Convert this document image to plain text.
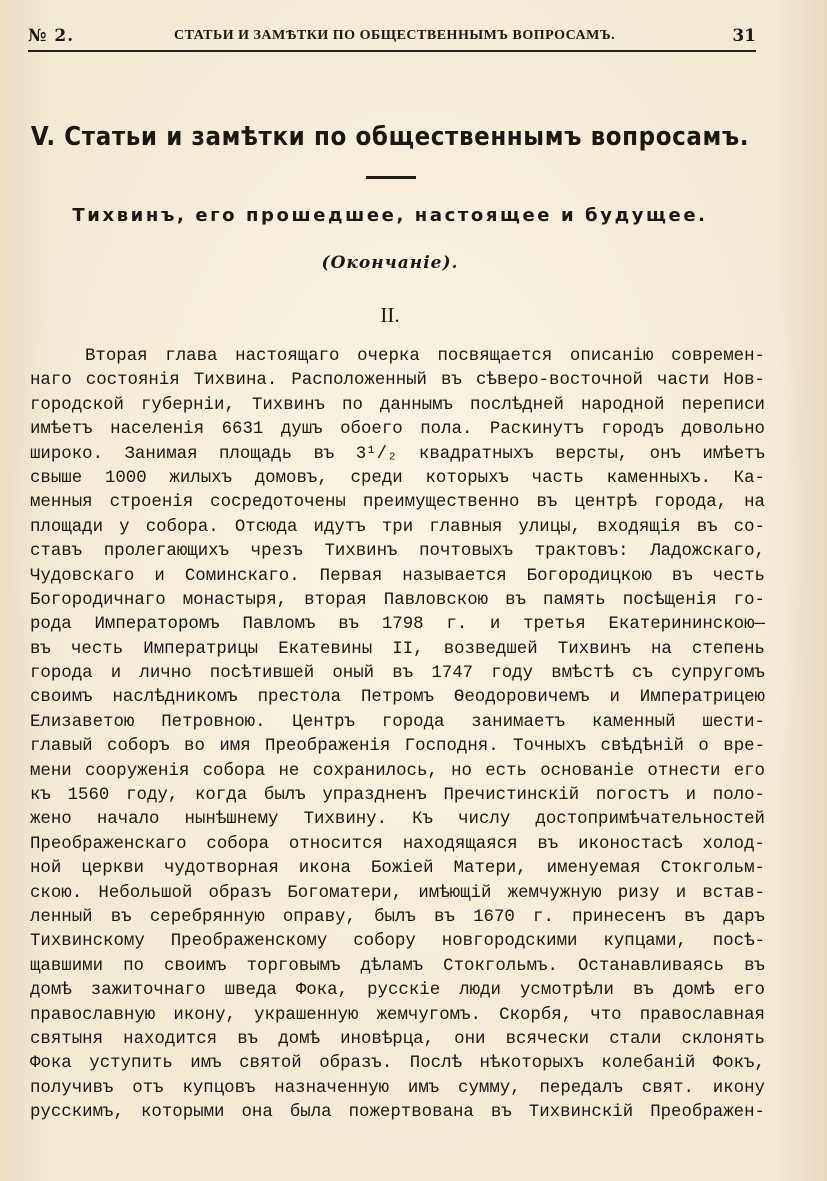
№ 2.	СТАТЬИ И ЗАМѢТКИ ПО ОБЩЕСТВЕННЫМЪ ВОПРОСАМЪ.	31
V. Статьи и замѣтки по общественнымъ вопросамъ.
Тихвинъ, его прошедшее, настоящее и будущее.
(Окончаніе).
II.
Вторая глава настоящаго очерка посвящается описанію современ-
наго состоянія Тихвина. Расположенный въ сѣверо-восточной части Нов-
городской губерніи, Тихвинъ по даннымъ послѣдней народной переписи
имѣетъ населенія 6631 душъ обоего пола. Раскинутъ городъ довольно
широко. Занимая площадь въ 3¹/₂ квадратныхъ версты, онъ имѣетъ
свыше 1000 жилыхъ домовъ, среди которыхъ часть каменныхъ. Ка-
менныя строенія сосредоточены преимущественно въ центрѣ города, на
площади у собора. Отсюда идутъ три главныя улицы, входящія въ со-
ставъ пролегающихъ чрезъ Тихвинъ почтовыхъ трактовъ: Ладожскаго,
Чудовскаго и Соминскаго. Первая называется Богородицкою въ честь
Богородичнаго монастыря, вторая Павловскою въ память посѣщенія го-
рода Императоромъ Павломъ въ 1798 г. и третья Екатерининскою—
въ честь Императрицы Екатевины II, возведшей Тихвинъ на степень
города и лично посѣтившей оный въ 1747 году вмѣстѣ съ супругомъ
своимъ наслѣдникомъ престола Петромъ Ѳеодоровичемъ и Императрицею
Елизаветою Петровною. Центръ города занимаетъ каменный шести-
главый соборъ во имя Преображенія Господня. Точныхъ свѣдѣній о вре-
мени сооруженія собора не сохранилось, но есть основаніе отнести его
къ 1560 году, когда былъ упраздненъ Пречистинскій погостъ и поло-
жено начало нынѣшнему Тихвину. Къ числу достопримѣчательностей
Преображенскаго собора относится находящаяся въ иконостасѣ холод-
ной церкви чудотворная икона Божіей Матери, именуемая Стокгольм-
скою. Небольшой образъ Богоматери, имѣющій жемчужную ризу и встав-
ленный въ серебрянную оправу, былъ въ 1670 г. принесенъ въ даръ
Тихвинскому Преображенскому собору новгородскими купцами, посѣ-
щавшими по своимъ торговымъ дѣламъ Стокгольмъ. Останавливаясь въ
домѣ зажиточнаго шведа Фока, русскіе люди усмотрѣли въ домѣ его
православную икону, украшенную жемчугомъ. Скорбя, что православная
святыня находится въ домѣ иновѣрца, они всячески стали склонять
Фока уступить имъ святой образъ. Послѣ нѣкоторыхъ колебаній Фокъ,
получивъ отъ купцовъ назначенную имъ сумму, передалъ свят. икону
русскимъ, которыми она была пожертвована въ Тихвинскій Преображен-
